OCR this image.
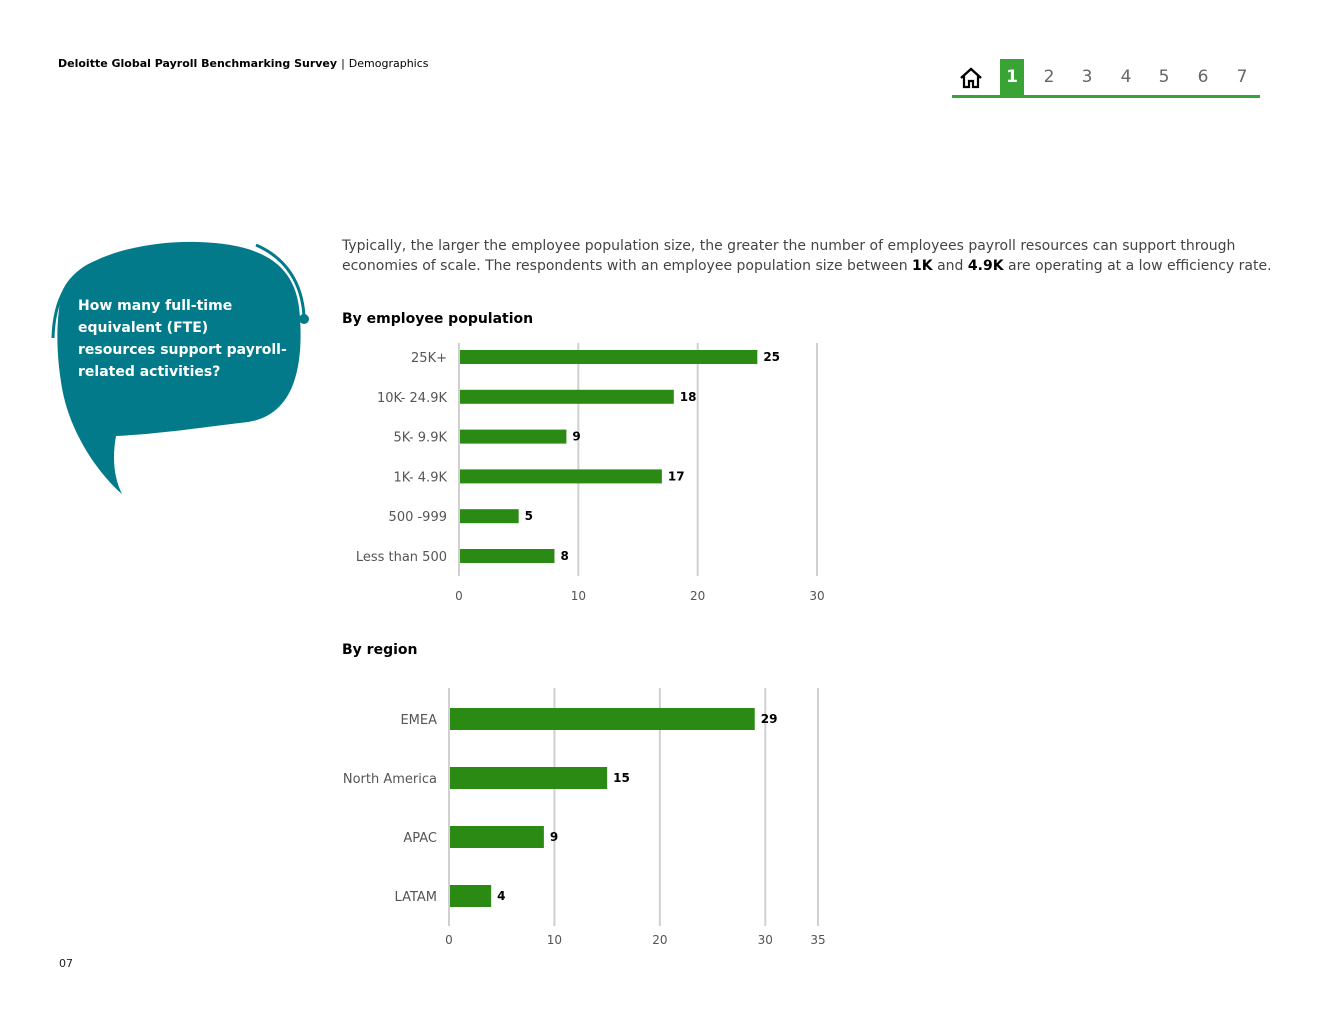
Deloitte Global Payroll Benchmarking Survey | Demographics
1	2	3	4	5	6	7
How many full-time equivalent (FTE) resources support payroll-related activities?

Typically, the larger the employee population size, the greater the number of employees payroll resources can support through economies of scale. The respondents with an employee population size between 1K and 4.9K are operating at a low efficiency rate.

By employee population
By region
0	10	20	30
25K+	25
10K- 24.9K	18
5K- 9.9K	9
1K- 4.9K	17
500 -999	5
Less than 500	8
0	10	20	30	35
EMEA	29
North America	15
APAC	9
LATAM	4
07
